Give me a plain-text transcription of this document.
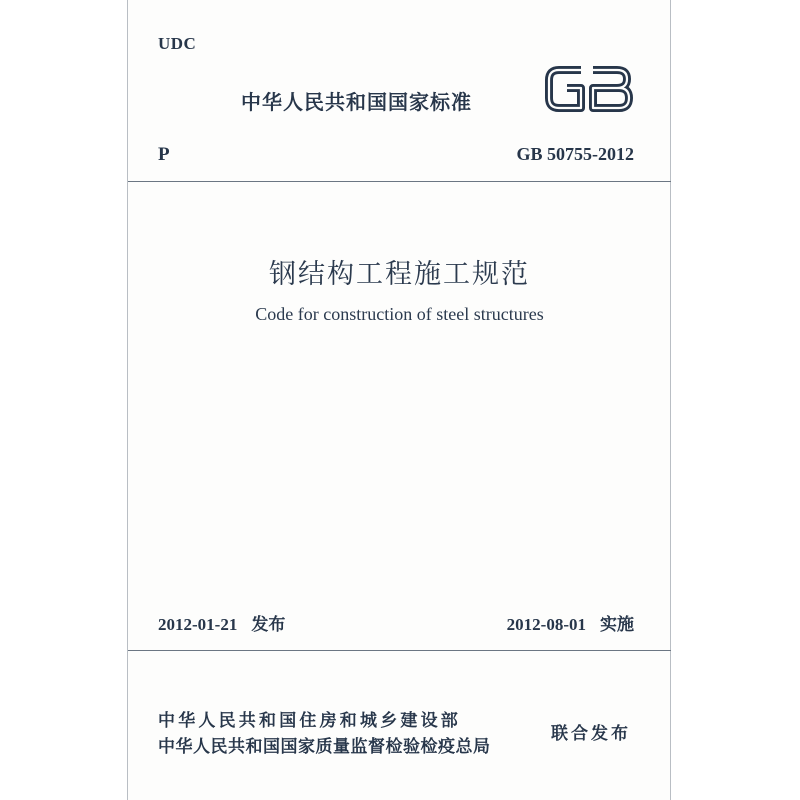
UDC
中华人民共和国国家标准
P	GB 50755-2012
钢结构工程施工规范
Code for construction of steel structures
2012-01-21 发布	2012-08-01 实施
中华人民共和国住房和城乡建设部
中华人民共和国国家质量监督检验检疫总局
联合发布
